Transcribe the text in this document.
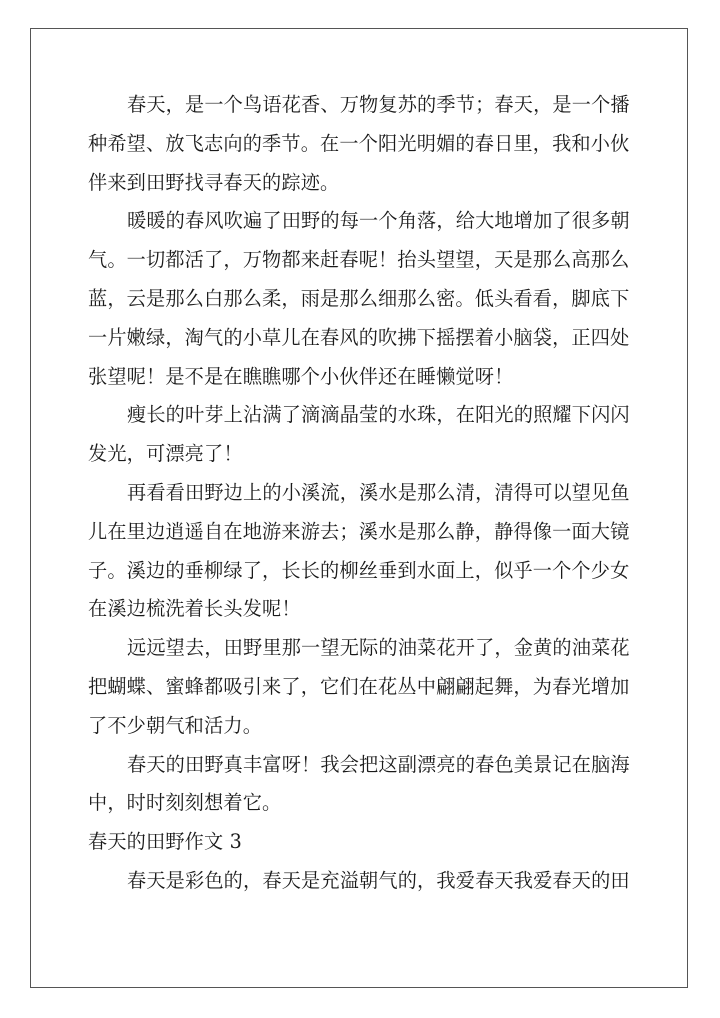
春天，是一个鸟语花香、万物复苏的季节；春天，是一个播
种希望、放飞志向的季节。在一个阳光明媚的春日里，我和小伙
伴来到田野找寻春天的踪迹。
暖暖的春风吹遍了田野的每一个角落，给大地增加了很多朝
气。一切都活了，万物都来赶春呢！抬头望望，天是那么高那么
蓝，云是那么白那么柔，雨是那么细那么密。低头看看，脚底下
一片嫩绿，淘气的小草儿在春风的吹拂下摇摆着小脑袋，正四处
张望呢！是不是在瞧瞧哪个小伙伴还在睡懒觉呀！
瘦长的叶芽上沾满了滴滴晶莹的水珠，在阳光的照耀下闪闪
发光，可漂亮了！
再看看田野边上的小溪流，溪水是那么清，清得可以望见鱼
儿在里边逍遥自在地游来游去；溪水是那么静，静得像一面大镜
子。溪边的垂柳绿了，长长的柳丝垂到水面上，似乎一个个少女
在溪边梳洗着长头发呢！
远远望去，田野里那一望无际的油菜花开了，金黄的油菜花
把蝴蝶、蜜蜂都吸引来了，它们在花丛中翩翩起舞，为春光增加
了不少朝气和活力。
春天的田野真丰富呀！我会把这副漂亮的春色美景记在脑海
中，时时刻刻想着它。
春天的田野作文 3
春天是彩色的，春天是充溢朝气的，我爱春天我爱春天的田
